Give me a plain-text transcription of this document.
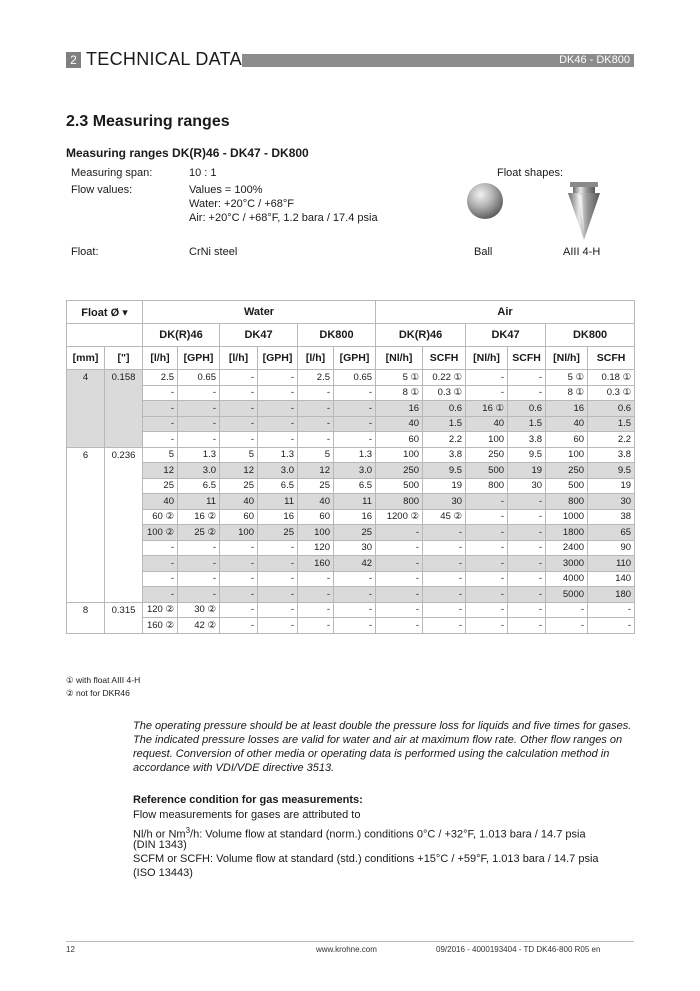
2 TECHNICAL DATA	DK46 - DK800
2.3 Measuring ranges
Measuring ranges DK(R)46 - DK47 - DK800
Measuring span:	10 : 1
Flow values:	Values = 100%
Water: +20°C / +68°F
Air: +20°C / +68°F, 1.2 bara / 17.4 psia
Float:	CrNi steel
Float shapes:
Ball	AIII 4-H
Float Ø ▾		Water						Air					
		DK(R)46		DK47		DK800		DK(R)46		DK47		DK800	
[mm]	["]	[l/h]	[GPH]	[l/h]	[GPH]	[l/h]	[GPH]	[Nl/h]	SCFH	[Nl/h]	SCFH	[Nl/h]	SCFH
4	0.158	2.5	0.65	-	-	2.5	0.65	5 ①	0.22 ①	-	-	5 ①	0.18 ①
		-	-	-	-	-	-	8 ①	0.3 ①	-	-	8 ①	0.3 ①
		-	-	-	-	-	-	16	0.6	16 ①	0.6	16	0.6
		-	-	-	-	-	-	40	1.5	40	1.5	40	1.5
		-	-	-	-	-	-	60	2.2	100	3.8	60	2.2
6	0.236	5	1.3	5	1.3	5	1.3	100	3.8	250	9.5	100	3.8
		12	3.0	12	3.0	12	3.0	250	9.5	500	19	250	9.5
		25	6.5	25	6.5	25	6.5	500	19	800	30	500	19
		40	11	40	11	40	11	800	30	-	-	800	30
		60 ②	16 ②	60	16	60	16	1200 ②	45 ②	-	-	1000	38
		100 ②	25 ②	100	25	100	25	-	-	-	-	1800	65
		-	-	-	-	120	30	-	-	-	-	2400	90
		-	-	-	-	160	42	-	-	-	-	3000	110
		-	-	-	-	-	-	-	-	-	-	4000	140
		-	-	-	-	-	-	-	-	-	-	5000	180
8	0.315	120 ②	30 ②	-	-	-	-	-	-	-	-	-	-
		160 ②	42 ②	-	-	-	-	-	-	-	-	-	-
① with float AIII 4-H
② not for DKR46
The operating pressure should be at least double the pressure loss for liquids and five times for gases. The indicated pressure losses are valid for water and air at maximum flow rate. Other flow ranges on request. Conversion of other media or operating data is performed using the calculation method in accordance with VDI/VDE directive 3513.
Reference condition for gas measurements:
Flow measurements for gases are attributed to
Nl/h or Nm$^3$/h: Volume flow at standard (norm.) conditions 0°C / +32°F, 1.013 bara / 14.7 psia
(DIN 1343)
SCFM or SCFH: Volume flow at standard (std.) conditions +15°C / +59°F, 1.013 bara / 14.7 psia
(ISO 13443)
12	www.krohne.com	09/2016 - 4000193404 - TD DK46-800 R05 en
